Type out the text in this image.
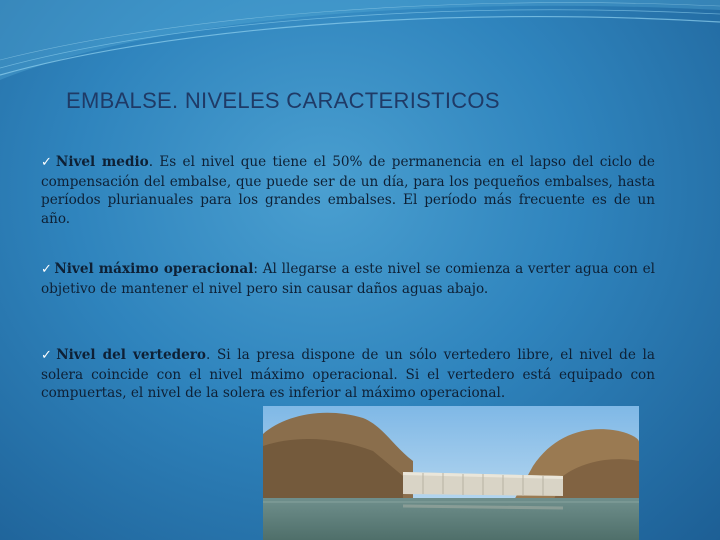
EMBALSE. NIVELES CARACTERISTICOS

✓ Nivel medio. Es el nivel que tiene el 50% de permanencia en el lapso del ciclo de compensación del embalse, que puede ser de un día, para los pequeños embalses, hasta períodos plurianuales para los grandes embalses. El período más frecuente es de un año.

✓ Nivel máximo operacional: Al llegarse a este nivel se comienza a verter agua con el objetivo de mantener el nivel pero sin causar daños aguas abajo.

✓ Nivel del vertedero. Si la presa dispone de un sólo vertedero libre, el nivel de la solera coincide con el nivel máximo operacional. Si el vertedero está equipado con compuertas, el nivel de la solera es inferior al máximo operacional.
